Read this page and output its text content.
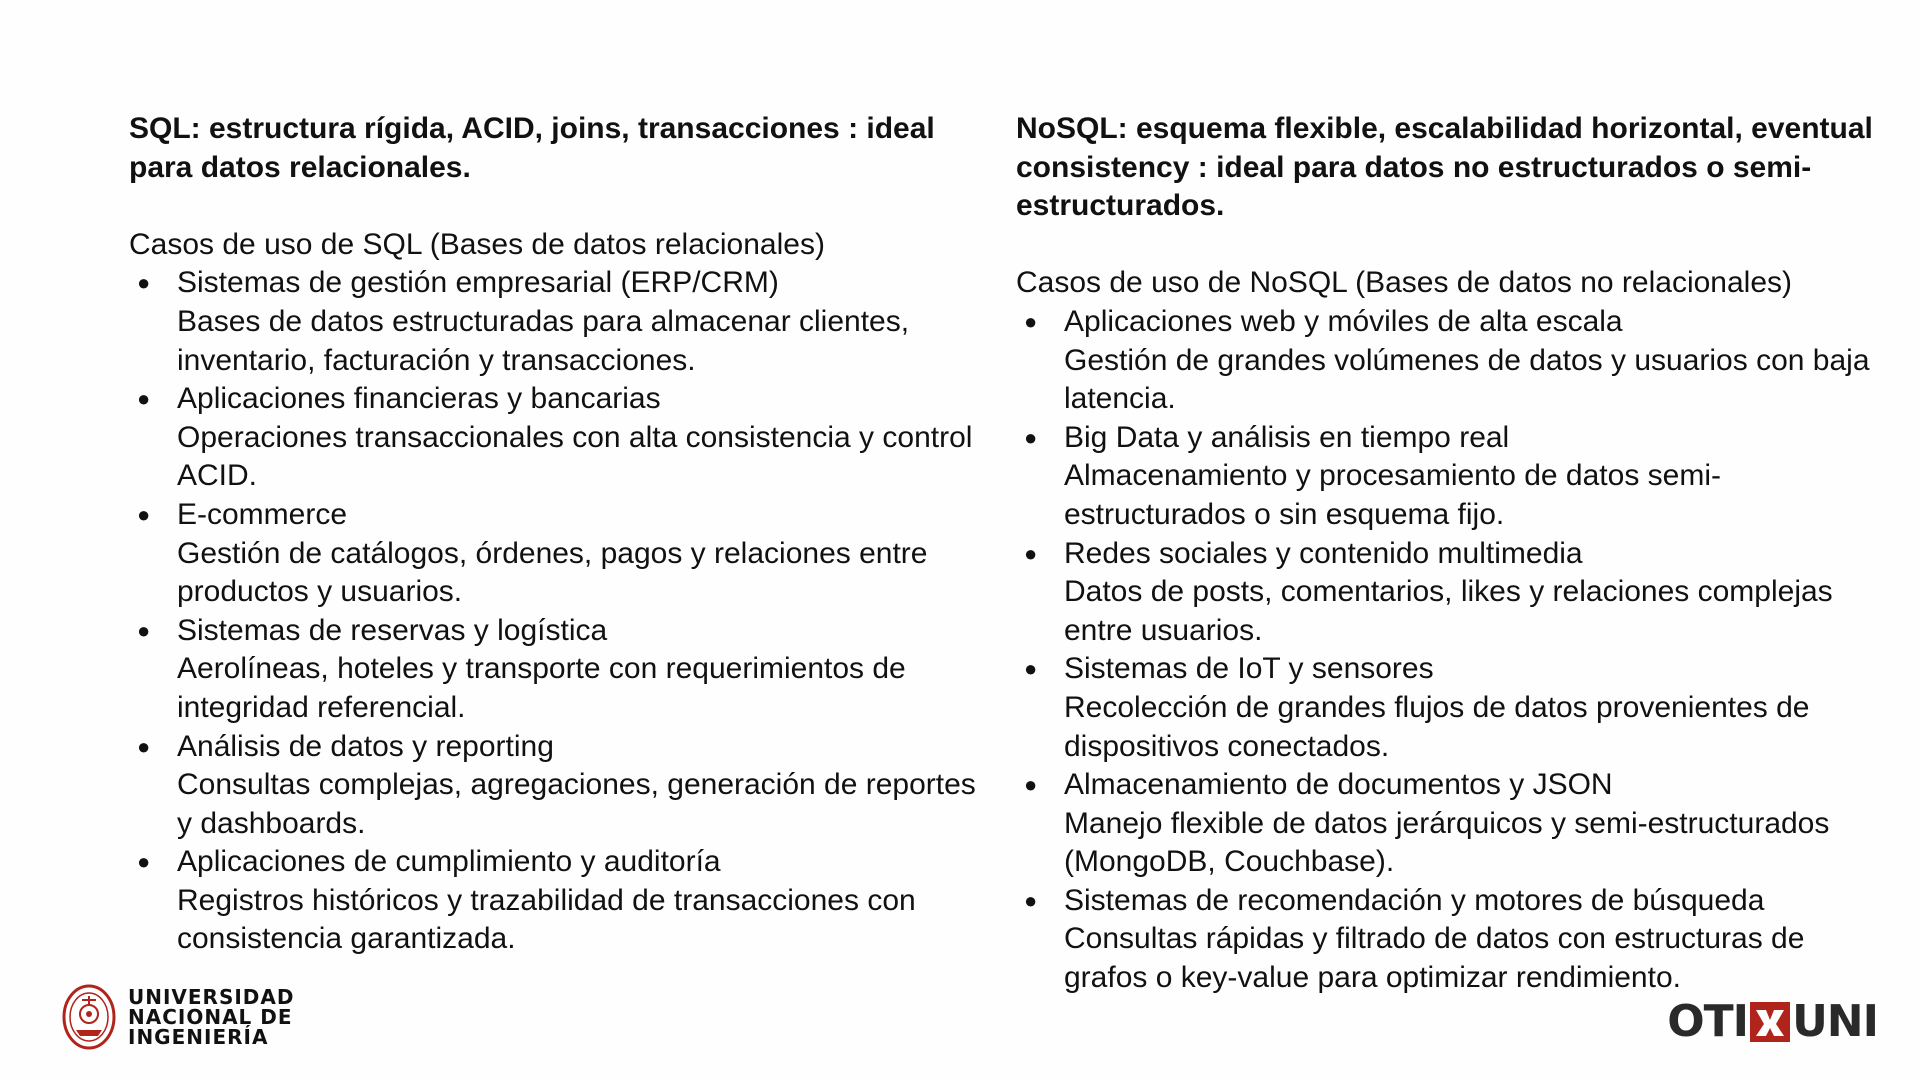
SQL: estructura rígida, ACID, joins, transacciones : ideal para datos relacionales.

Casos de uso de SQL (Bases de datos relacionales)

● Sistemas de gestión empresarial (ERP/CRM)
Bases de datos estructuradas para almacenar clientes, inventario, facturación y transacciones.
● Aplicaciones financieras y bancarias
Operaciones transaccionales con alta consistencia y control ACID.
● E-commerce
Gestión de catálogos, órdenes, pagos y relaciones entre productos y usuarios.
● Sistemas de reservas y logística
Aerolíneas, hoteles y transporte con requerimientos de integridad referencial.
● Análisis de datos y reporting
Consultas complejas, agregaciones, generación de reportes y dashboards.
● Aplicaciones de cumplimiento y auditoría
Registros históricos y trazabilidad de transacciones con consistencia garantizada.

NoSQL: esquema flexible, escalabilidad horizontal, eventual consistency : ideal para datos no estructurados o semi-estructurados.

Casos de uso de NoSQL (Bases de datos no relacionales)

● Aplicaciones web y móviles de alta escala
Gestión de grandes volúmenes de datos y usuarios con baja latencia.
● Big Data y análisis en tiempo real
Almacenamiento y procesamiento de datos semi-estructurados o sin esquema fijo.
● Redes sociales y contenido multimedia
Datos de posts, comentarios, likes y relaciones complejas entre usuarios.
● Sistemas de IoT y sensores
Recolección de grandes flujos de datos provenientes de dispositivos conectados.
● Almacenamiento de documentos y JSON
Manejo flexible de datos jerárquicos y semi-estructurados (MongoDB, Couchbase).
● Sistemas de recomendación y motores de búsqueda
Consultas rápidas y filtrado de datos con estructuras de grafos o key-value para optimizar rendimiento.
UNIVERSIDAD
NACIONAL DE
INGENIERÍA	OTI UNI
